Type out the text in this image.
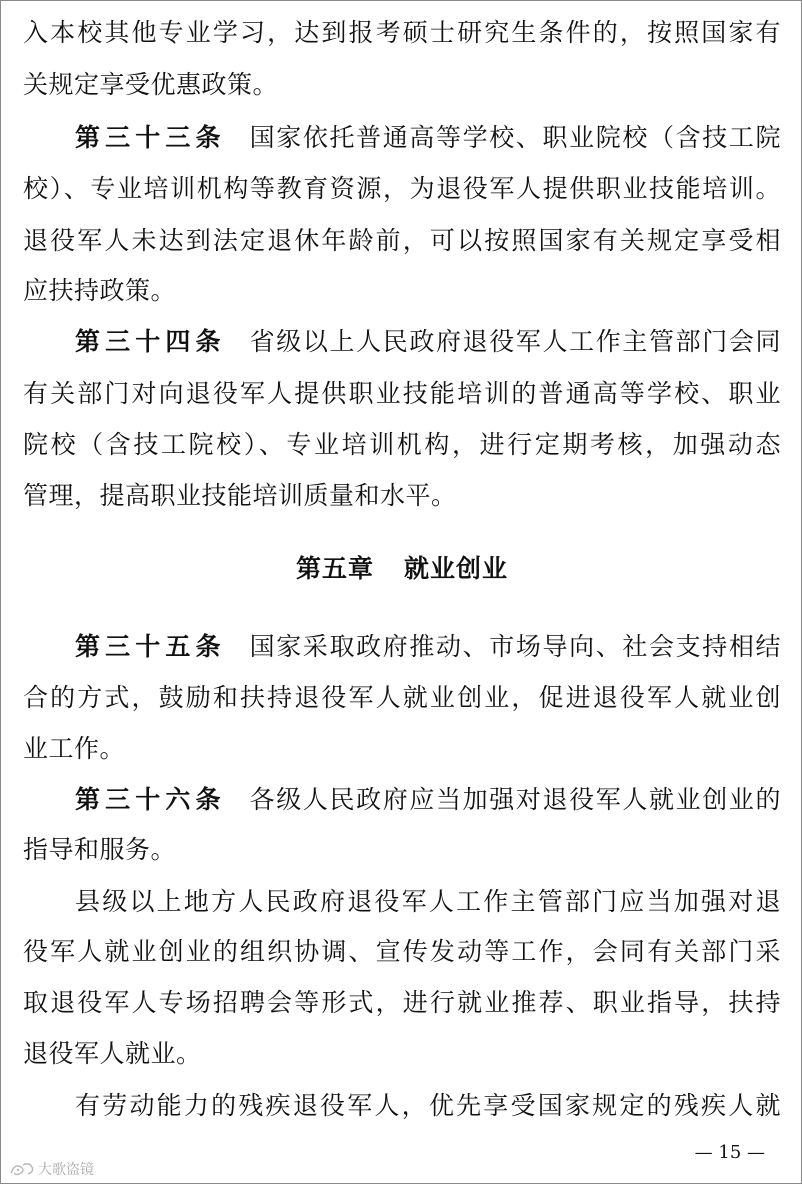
入本校其他专业学习，达到报考硕士研究生条件的，按照国家有
关规定享受优惠政策。
第三十三条 国家依托普通高等学校、职业院校（含技工院
校）、专业培训机构等教育资源，为退役军人提供职业技能培训。
退役军人未达到法定退休年龄前，可以按照国家有关规定享受相
应扶持政策。
第三十四条 省级以上人民政府退役军人工作主管部门会同
有关部门对向退役军人提供职业技能培训的普通高等学校、职业
院校（含技工院校）、专业培训机构，进行定期考核，加强动态
管理，提高职业技能培训质量和水平。
第五章 就业创业
第三十五条 国家采取政府推动、市场导向、社会支持相结
合的方式，鼓励和扶持退役军人就业创业，促进退役军人就业创
业工作。
第三十六条 各级人民政府应当加强对退役军人就业创业的
指导和服务。
县级以上地方人民政府退役军人工作主管部门应当加强对退
役军人就业创业的组织协调、宣传发动等工作，会同有关部门采
取退役军人专场招聘会等形式，进行就业推荐、职业指导，扶持
退役军人就业。
有劳动能力的残疾退役军人，优先享受国家规定的残疾人就
— 15 —
大歌盗镜
